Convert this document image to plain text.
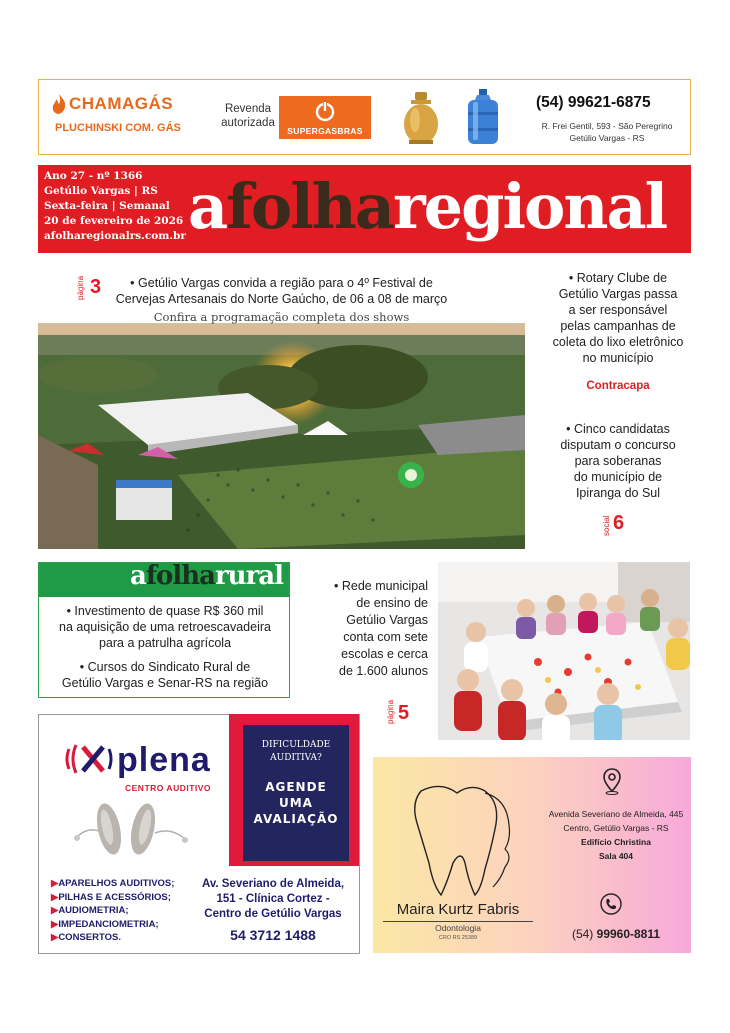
CHAMAGÁS
PLUCHINSKI COM. GÁS
Revenda autorizada
SUPERGASBRAS
(54) 99621-6875
R. Frei Gentil, 593 - São Peregrino
Getúlio Vargas - RS
Ano 27 - nº 1366
Getúlio Vargas | RS
Sexta-feira | Semanal
20 de fevereiro de 2026
afolharegionalrs.com.br afolharegional
• Getúlio Vargas convida a região para o 4º Festival de
Cervejas Artesanais do Norte Gaúcho, de 06 a 08 de março
Confira a programação completa dos shows
página 3	• Rotary Clube de
Getúlio Vargas passa
a ser responsável
pelas campanhas de
coleta do lixo eletrônico
no município
Contracapa
• Cinco candidatas
disputam o concurso
para soberanas
do município de
Ipiranga do Sul
social 6
afolharural
• Investimento de quase R$ 360 mil
na aquisição de uma retroescavadeira
para a patrulha agrícola
• Cursos do Sindicato Rural de
Getúlio Vargas e Senar-RS na região
• Rede municipal
de ensino de
Getúlio Vargas
conta com sete
escolas e cerca
de 1.600 alunos
página 5
plena
CENTRO AUDITIVO
DIFICULDADE
AUDITIVA?
AGENDE
UMA
AVALIAÇÃO
▶APARELHOS AUDITIVOS;
▶PILHAS E ACESSÓRIOS;
▶AUDIOMETRIA;
▶IMPEDANCIOMETRIA;
▶CONSERTOS.
Av. Severiano de Almeida,
151 - Clínica Cortez -
Centro de Getúlio Vargas
54 3712 1488
Maira Kurtz Fabris
Odontologia
CRO RS 25389
Avenida Severiano de Almeida, 445
Centro, Getúlio Vargas - RS
Edifício Christina
Sala 404
(54) 99960-8811
